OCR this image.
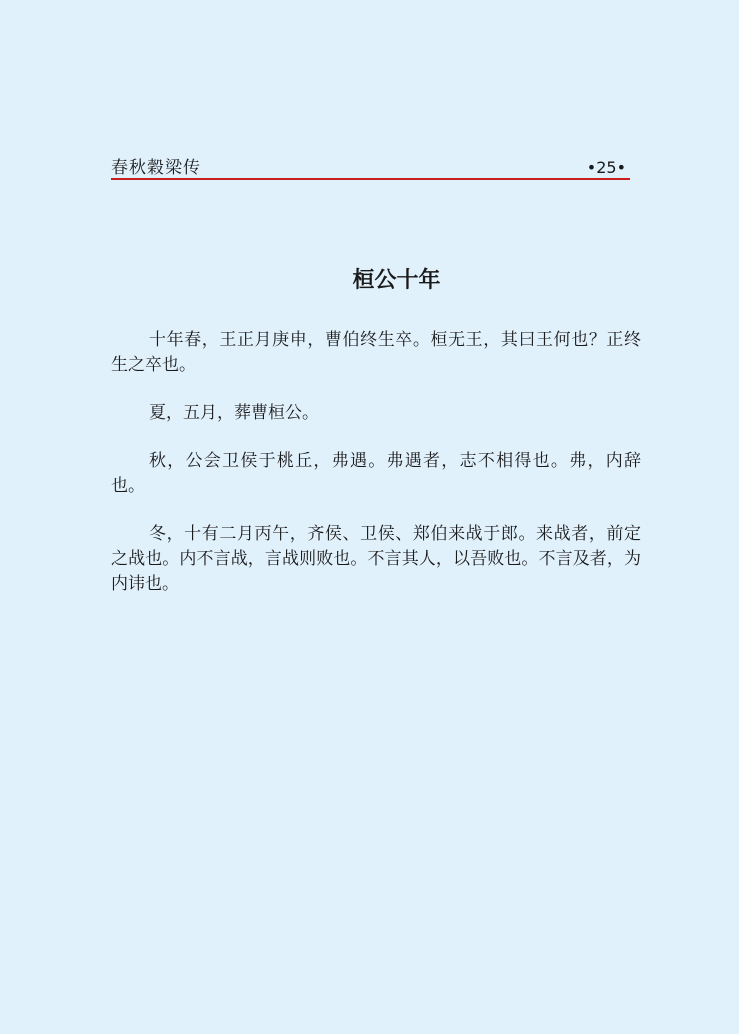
春秋穀梁传	•25•
桓公十年

十年春，王正月庚申，曹伯终生卒。桓无王，其曰王何也？正终生之卒也。

夏，五月，葬曹桓公。

秋，公会卫侯于桃丘，弗遇。弗遇者，志不相得也。弗，内辞也。

冬，十有二月丙午，齐侯、卫侯、郑伯来战于郎。来战者，前定之战也。内不言战，言战则败也。不言其人，以吾败也。不言及者，为内讳也。
